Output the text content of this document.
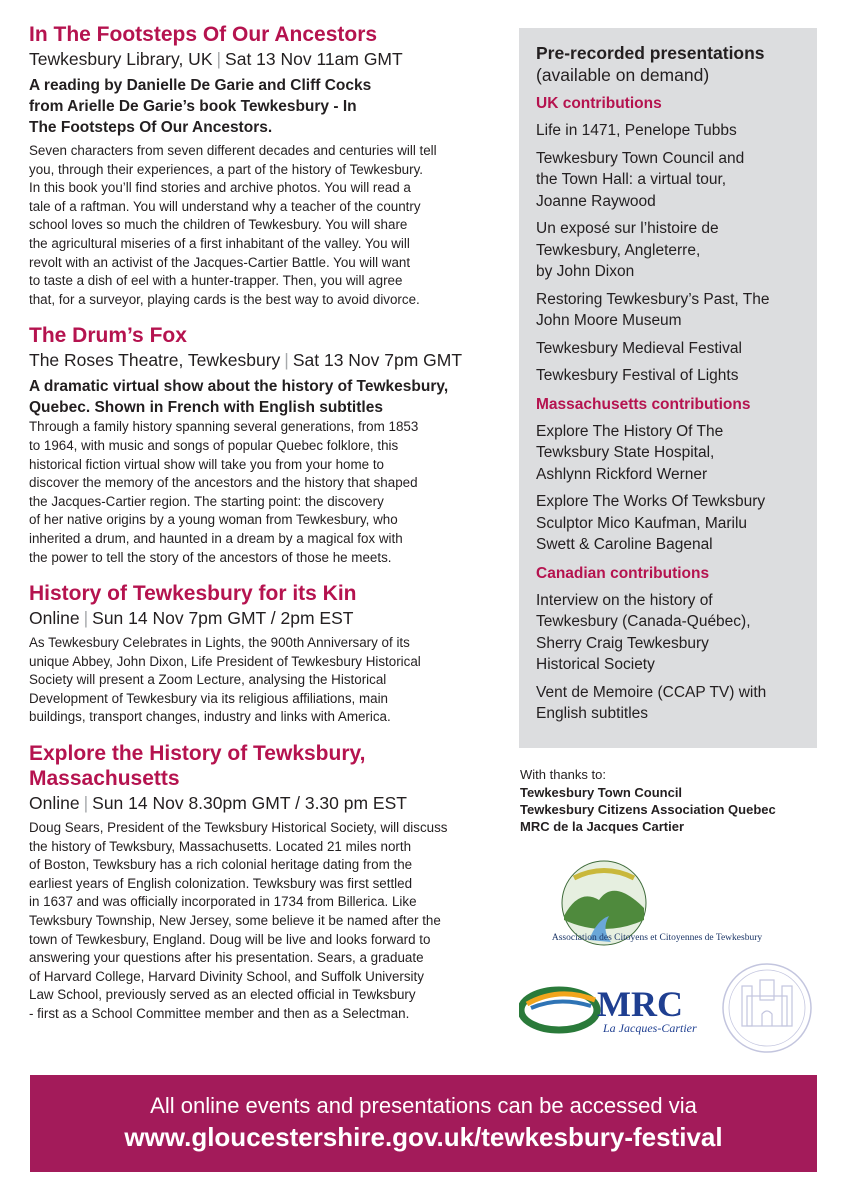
In The Footsteps Of Our Ancestors
Tewkesbury Library, UK | Sat 13 Nov 11am GMT
A reading by Danielle De Garie and Cliff Cocks
from Arielle De Garie’s book Tewkesbury - In
The Footsteps Of Our Ancestors.
Seven characters from seven different decades and centuries will tell
you, through their experiences, a part of the history of Tewkesbury.
In this book you’ll find stories and archive photos. You will read a
tale of a raftman. You will understand why a teacher of the country
school loves so much the children of Tewkesbury. You will share
the agricultural miseries of a first inhabitant of the valley. You will
revolt with an activist of the Jacques-Cartier Battle. You will want
to taste a dish of eel with a hunter-trapper. Then, you will agree
that, for a surveyor, playing cards is the best way to avoid divorce.
The Drum’s Fox
The Roses Theatre, Tewkesbury | Sat 13 Nov 7pm GMT
A dramatic virtual show about the history of Tewkesbury,
Quebec. Shown in French with English subtitles
Through a family history spanning several generations, from 1853
to 1964, with music and songs of popular Quebec folklore, this
historical fiction virtual show will take you from your home to
discover the memory of the ancestors and the history that shaped
the Jacques-Cartier region. The starting point: the discovery
of her native origins by a young woman from Tewkesbury, who
inherited a drum, and haunted in a dream by a magical fox with
the power to tell the story of the ancestors of those he meets.
History of Tewkesbury for its Kin
Online | Sun 14 Nov 7pm GMT / 2pm EST
As Tewkesbury Celebrates in Lights, the 900th Anniversary of its
unique Abbey, John Dixon, Life President of Tewkesbury Historical
Society will present a Zoom Lecture, analysing the Historical
Development of Tewkesbury via its religious affiliations, main
buildings, transport changes, industry and links with America.
Explore the History of Tewksbury,
Massachusetts
Online | Sun 14 Nov 8.30pm GMT / 3.30 pm EST
Doug Sears, President of the Tewksbury Historical Society, will discuss
the history of Tewksbury, Massachusetts. Located 21 miles north
of Boston, Tewksbury has a rich colonial heritage dating from the
earliest years of English colonization. Tewksbury was first settled
in 1637 and was officially incorporated in 1734 from Billerica. Like
Tewksbury Township, New Jersey, some believe it be named after the
town of Tewkesbury, England. Doug will be live and looks forward to
answering your questions after his presentation. Sears, a graduate
of Harvard College, Harvard Divinity School, and Suffolk University
Law School, previously served as an elected official in Tewksbury
- first as a School Committee member and then as a Selectman.
Pre-recorded presentations
(available on demand)
UK contributions
Life in 1471, Penelope Tubbs
Tewkesbury Town Council and
the Town Hall: a virtual tour,
Joanne Raywood
Un exposé sur l’histoire de
Tewkesbury, Angleterre,
by John Dixon
Restoring Tewkesbury’s Past, The
John Moore Museum
Tewkesbury Medieval Festival
Tewkesbury Festival of Lights
Massachusetts contributions
Explore The History Of The
Tewksbury State Hospital,
Ashlynn Rickford Werner
Explore The Works Of Tewksbury
Sculptor Mico Kaufman, Marilu
Swett & Caroline Bagenal
Canadian contributions
Interview on the history of
Tewkesbury (Canada-Québec),
Sherry Craig Tewkesbury
Historical Society
Vent de Memoire (CCAP TV) with
English subtitles
With thanks to:
Tewkesbury Town Council
Tewkesbury Citizens Association Quebec
MRC de la Jacques Cartier
Association des Citoyens et Citoyennes de Tewkesbury
MRC
La Jacques-Cartier
All online events and presentations can be accessed via
www.gloucestershire.gov.uk/tewkesbury-festival
